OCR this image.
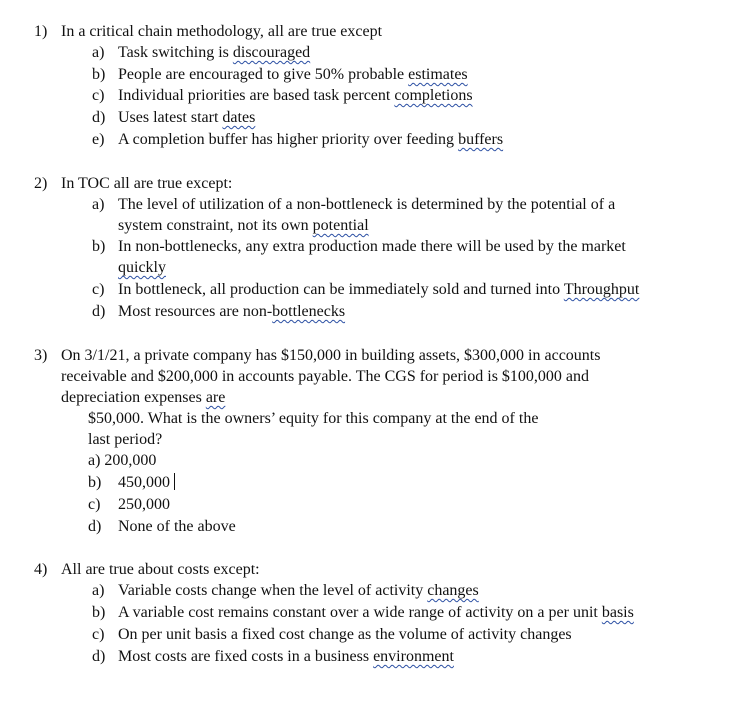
1) In a critical chain methodology, all are true except
a) Task switching is discouraged
b) People are encouraged to give 50% probable estimates
c) Individual priorities are based task percent completions
d) Uses latest start dates
e) A completion buffer has higher priority over feeding buffers
2) In TOC all are true except:
a) The level of utilization of a non-bottleneck is determined by the potential of a
system constraint, not its own potential
b) In non-bottlenecks, any extra production made there will be used by the market
quickly
c) In bottleneck, all production can be immediately sold and turned into Throughput
d) Most resources are non-bottlenecks
3) On 3/1/21, a private company has $150,000 in building assets, $300,000 in accounts
receivable and $200,000 in accounts payable. The CGS for period is $100,000 and
depreciation expenses are
$50,000. What is the owners’ equity for this company at the end of the
last period?
a) 200,000
b) 450,000
c) 250,000
d) None of the above
4) All are true about costs except:
a) Variable costs change when the level of activity changes
b) A variable cost remains constant over a wide range of activity on a per unit basis
c) On per unit basis a fixed cost change as the volume of activity changes
d) Most costs are fixed costs in a business environment
